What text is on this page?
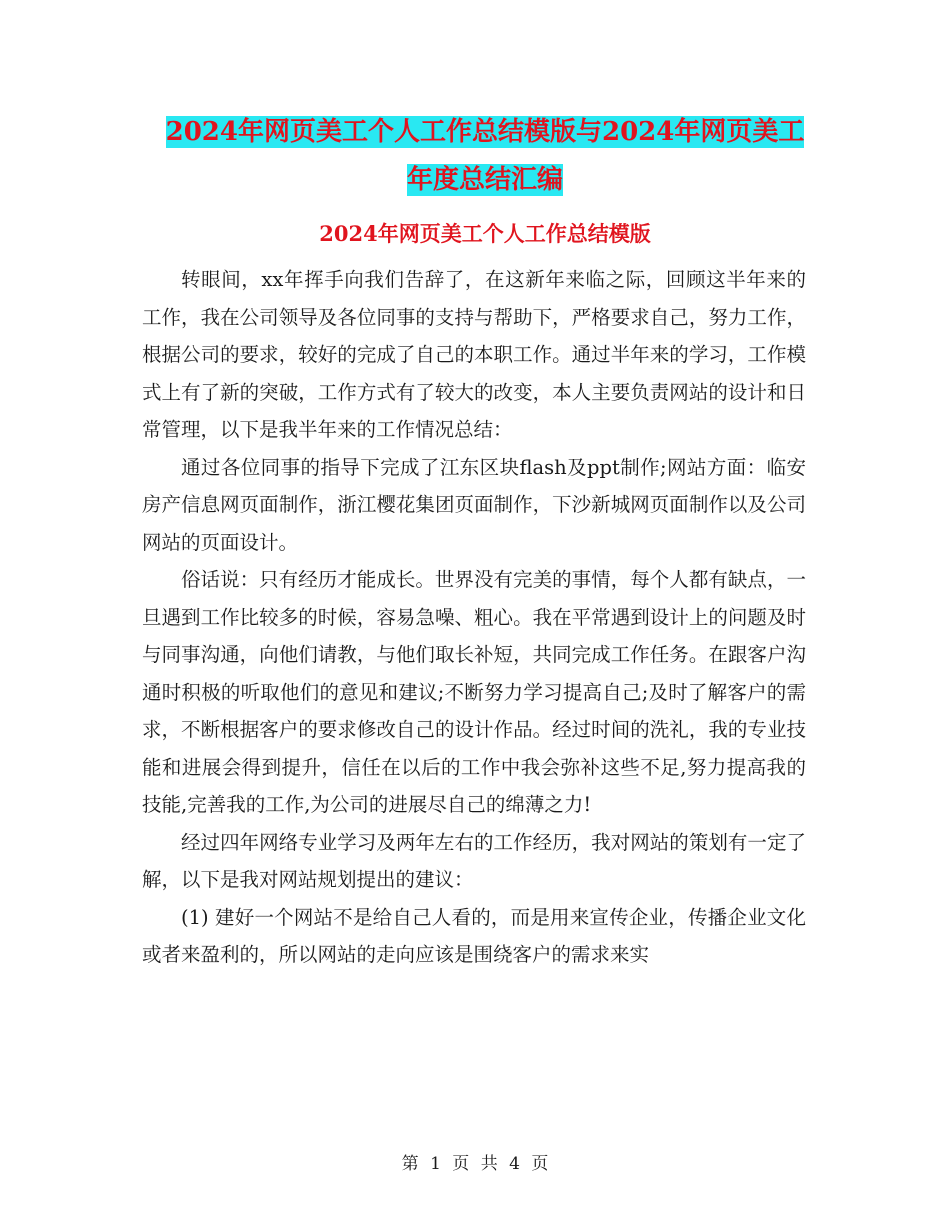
2024年网页美工个人工作总结模版与2024年网页美工
年度总结汇编
2024年网页美工个人工作总结模版

转眼间，xx年挥手向我们告辞了，在这新年来临之际，回顾这半年来的工作，我在公司领导及各位同事的支持与帮助下，严格要求自己，努力工作，根据公司的要求，较好的完成了自己的本职工作。通过半年来的学习，工作模式上有了新的突破，工作方式有了较大的改变，本人主要负责网站的设计和日常管理，以下是我半年来的工作情况总结：

通过各位同事的指导下完成了江东区块flash及ppt制作;网站方面：临安房产信息网页面制作，浙江樱花集团页面制作，下沙新城网页面制作以及公司网站的页面设计。

俗话说：只有经历才能成长。世界没有完美的事情，每个人都有缺点，一旦遇到工作比较多的时候，容易急噪、粗心。我在平常遇到设计上的问题及时与同事沟通，向他们请教，与他们取长补短，共同完成工作任务。在跟客户沟通时积极的听取他们的意见和建议;不断努力学习提高自己;及时了解客户的需求，不断根据客户的要求修改自己的设计作品。经过时间的洗礼，我的专业技能和进展会得到提升，信任在以后的工作中我会弥补这些不足,努力提高我的技能,完善我的工作,为公司的进展尽自己的绵薄之力!

经过四年网络专业学习及两年左右的工作经历，我对网站的策划有一定了解，以下是我对网站规划提出的建议：

(1) 建好一个网站不是给自己人看的，而是用来宣传企业，传播企业文化或者来盈利的，所以网站的走向应该是围绕客户的需求来实

第 1 页 共 4 页
